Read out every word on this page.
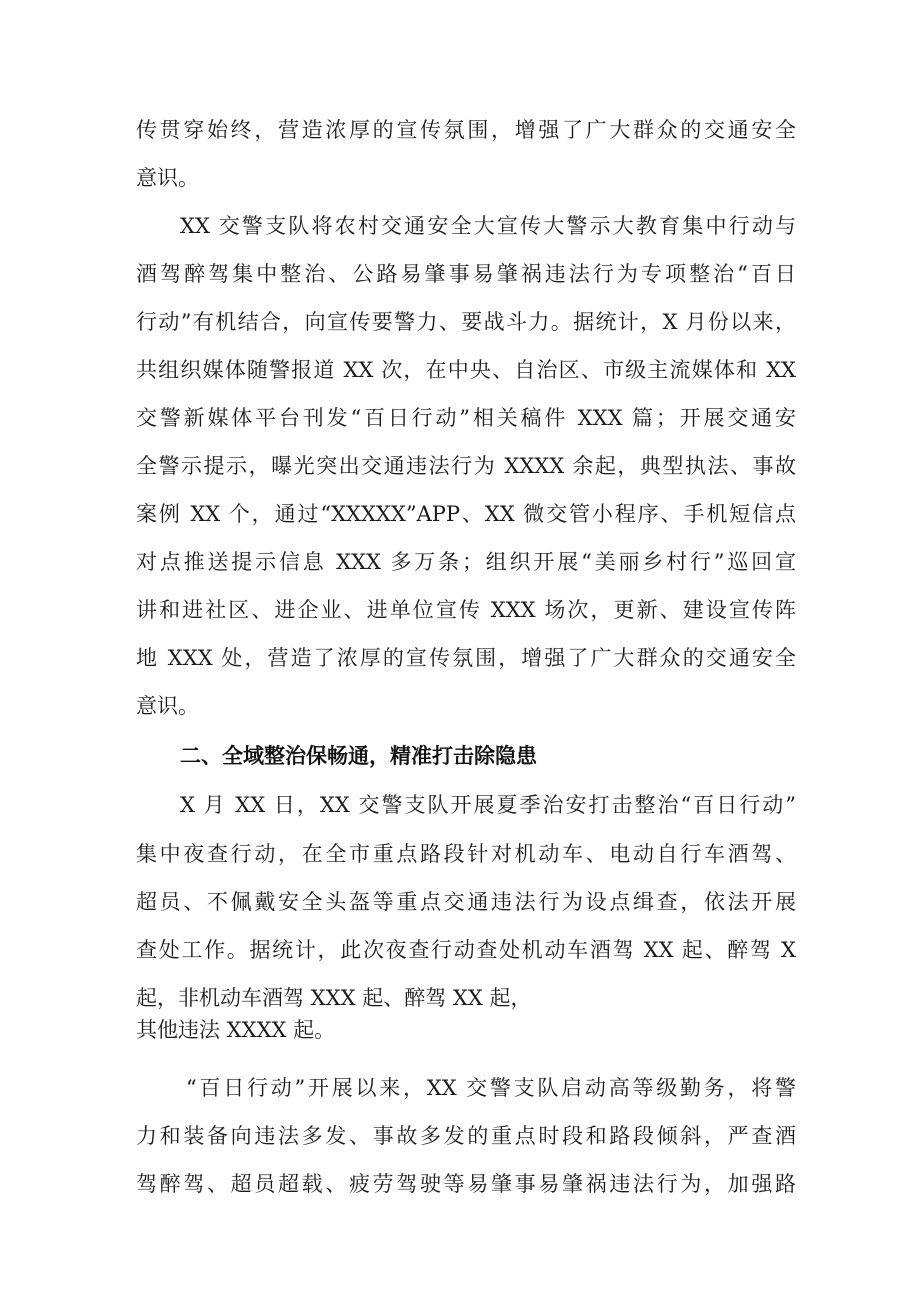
传贯穿始终，营造浓厚的宣传氛围，增强了广大群众的交通安全
意识。
XX 交警支队将农村交通安全大宣传大警示大教育集中行动与
酒驾醉驾集中整治、公路易肇事易肇祸违法行为专项整治“百日
行动”有机结合，向宣传要警力、要战斗力。据统计，X 月份以来，
共组织媒体随警报道 XX 次，在中央、自治区、市级主流媒体和 XX
交警新媒体平台刊发“百日行动”相关稿件 XXX 篇；开展交通安
全警示提示，曝光突出交通违法行为 XXXX 余起，典型执法、事故
案例 XX 个，通过“XXXXX”APP、XX 微交管小程序、手机短信点
对点推送提示信息 XXX 多万条；组织开展“美丽乡村行”巡回宣
讲和进社区、进企业、进单位宣传 XXX 场次，更新、建设宣传阵
地 XXX 处，营造了浓厚的宣传氛围，增强了广大群众的交通安全
意识。
二、全域整治保畅通，精准打击除隐患
X 月 XX 日，XX 交警支队开展夏季治安打击整治“百日行动”
集中夜查行动，在全市重点路段针对机动车、电动自行车酒驾、
超员、不佩戴安全头盔等重点交通违法行为设点缉查，依法开展
查处工作。据统计，此次夜查行动查处机动车酒驾 XX 起、醉驾 X
起，非机动车酒驾 XXX 起、醉驾 XX 起，
其他违法 XXXX 起。
“百日行动”开展以来，XX 交警支队启动高等级勤务，将警
力和装备向违法多发、事故多发的重点时段和路段倾斜，严查酒
驾醉驾、超员超载、疲劳驾驶等易肇事易肇祸违法行为，加强路
